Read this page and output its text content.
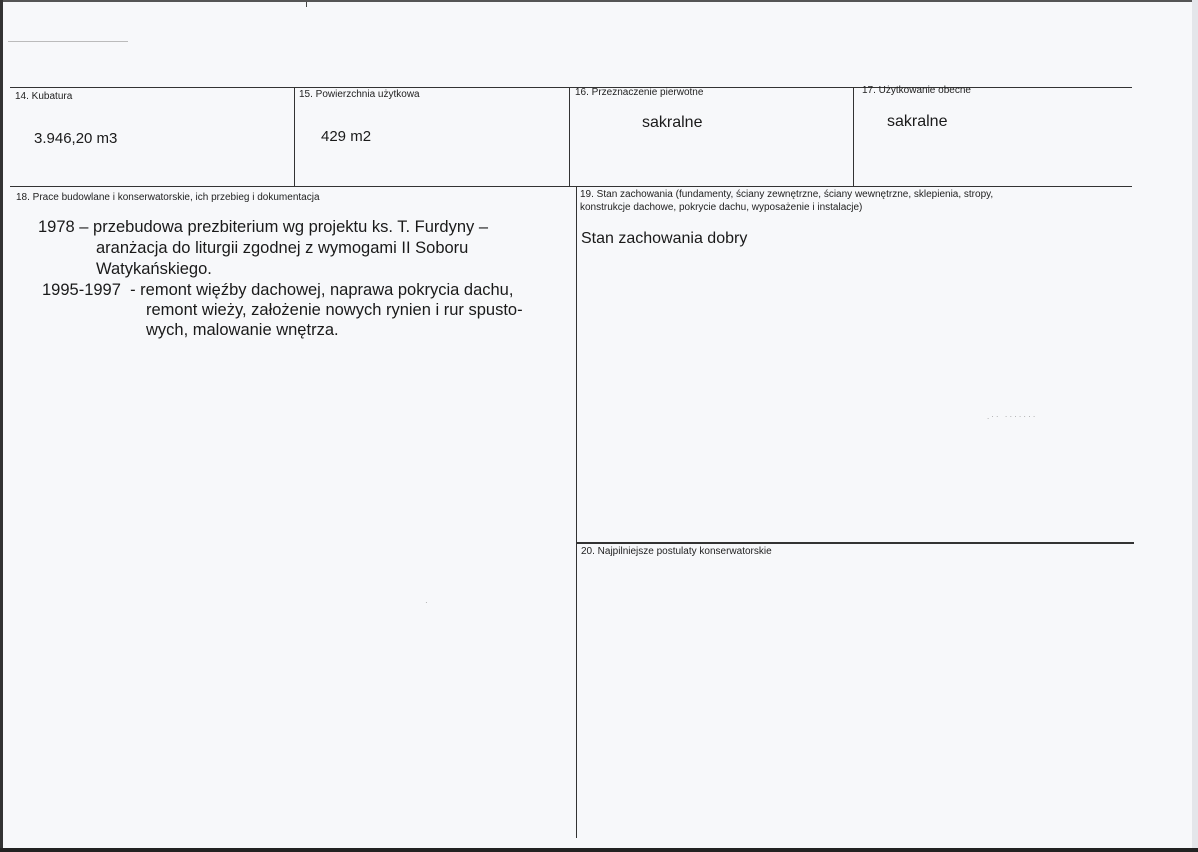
14. Kubatura
3.946,20 m3
15. Powierzchnia użytkowa
429 m2
16. Przeznaczenie pierwotne
sakralne
17. Użytkowanie obecne
sakralne
18. Prace budowlane i konserwatorskie, ich przebieg i dokumentacja
1978 – przebudowa prezbiterium wg projektu ks. T. Furdyny –
aranżacja do liturgii zgodnej z wymogami II Soboru
Watykańskiego.
1995-1997  - remont więźby dachowej, naprawa pokrycia dachu,
remont wieży, założenie nowych rynien i rur spusto-
wych, malowanie wnętrza.
19. Stan zachowania (fundamenty, ściany zewnętrzne, ściany wewnętrzne, sklepienia, stropy,
konstrukcje dachowe, pokrycie dachu, wyposażenie i instalacje)
Stan zachowania dobry
.·· ·······
20. Najpilniejsze postulaty konserwatorskie
·
